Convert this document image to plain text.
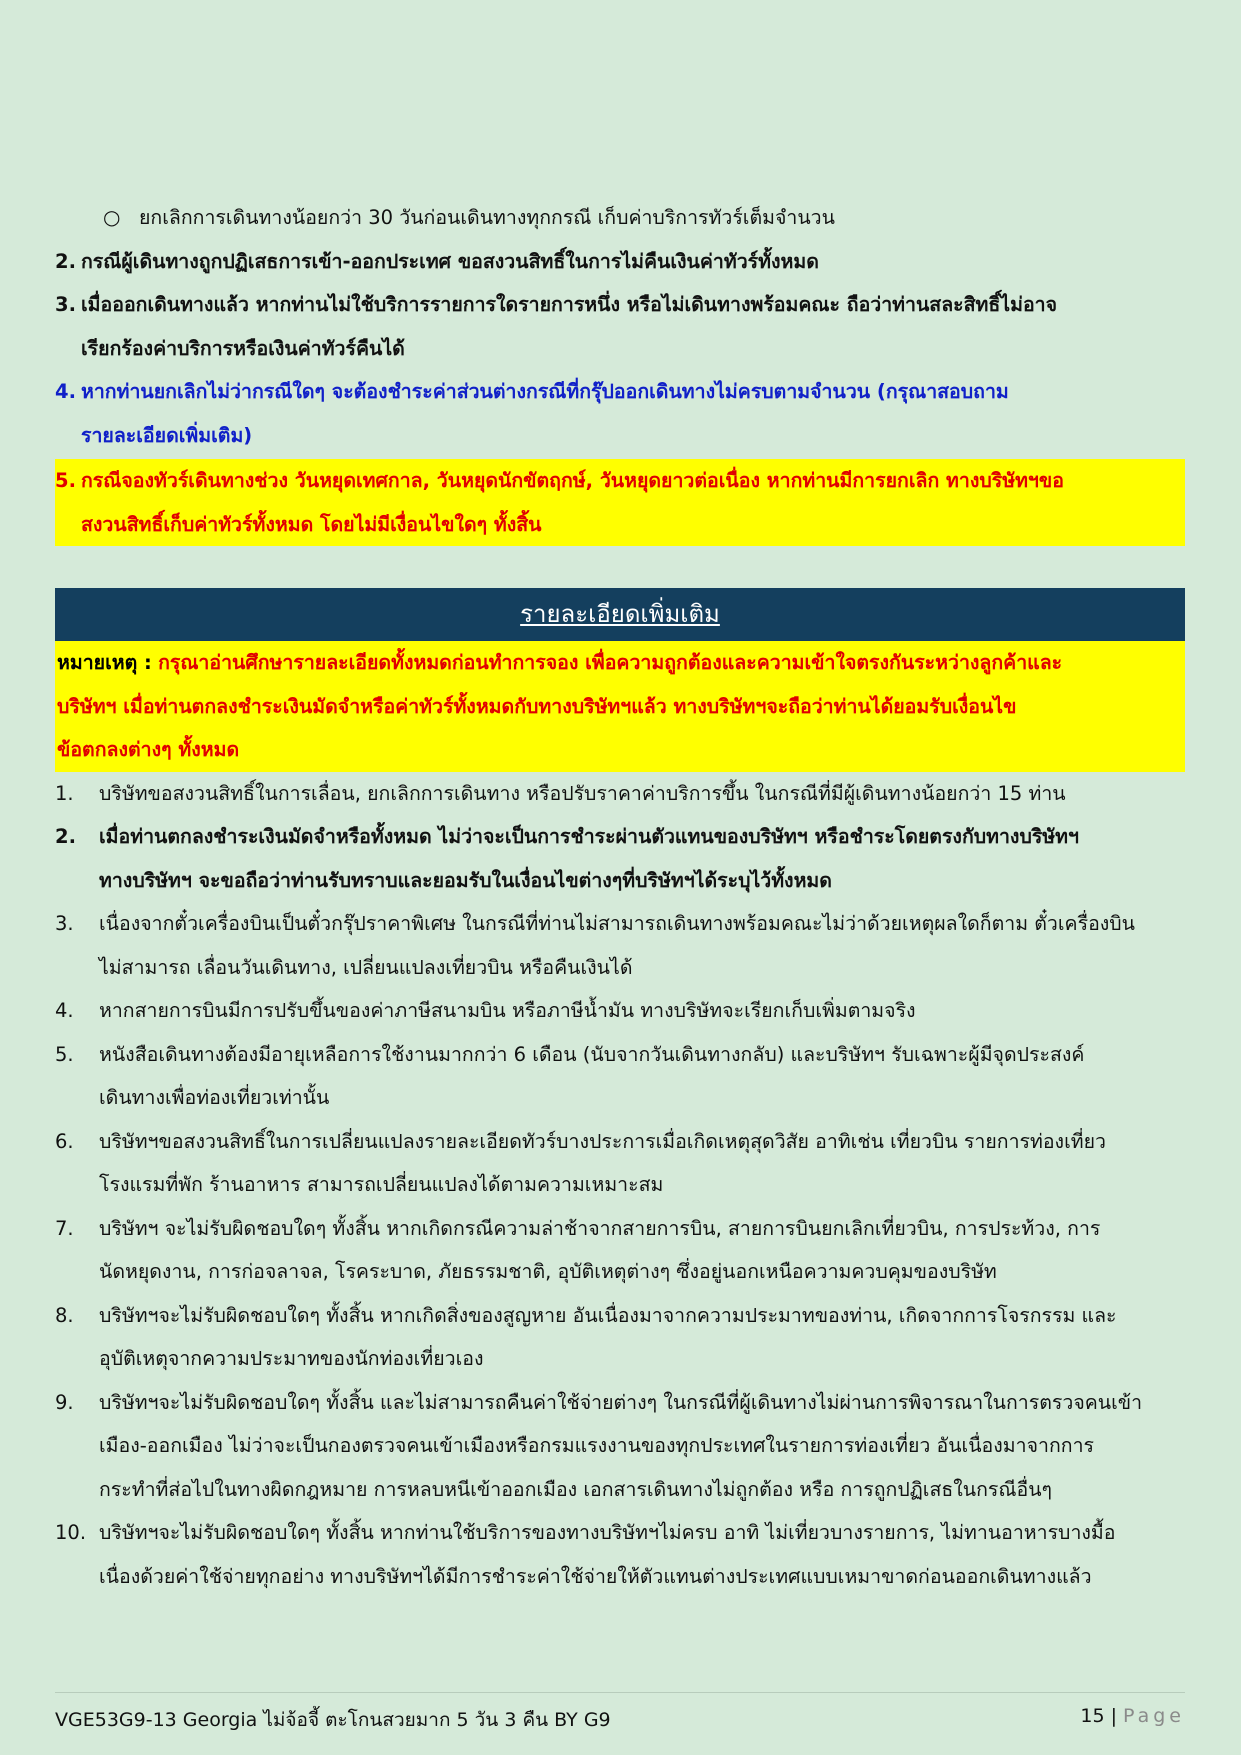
○ ยกเลิกการเดินทางน้อยกว่า 30 วันก่อนเดินทางทุกกรณี เก็บค่าบริการทัวร์เต็มจำนวน
2. กรณีผู้เดินทางถูกปฏิเสธการเข้า-ออกประเทศ ขอสงวนสิทธิ์ในการไม่คืนเงินค่าทัวร์ทั้งหมด
3. เมื่อออกเดินทางแล้ว หากท่านไม่ใช้บริการรายการใดรายการหนึ่ง หรือไม่เดินทางพร้อมคณะ ถือว่าท่านสละสิทธิ์ไม่อาจ
เรียกร้องค่าบริการหรือเงินค่าทัวร์คืนได้
4. หากท่านยกเลิกไม่ว่ากรณีใดๆ จะต้องชำระค่าส่วนต่างกรณีที่กรุ๊ปออกเดินทางไม่ครบตามจำนวน (กรุณาสอบถาม
รายละเอียดเพิ่มเติม)
5. กรณีจองทัวร์เดินทางช่วง วันหยุดเทศกาล, วันหยุดนักขัตฤกษ์, วันหยุดยาวต่อเนื่อง หากท่านมีการยกเลิก ทางบริษัทฯขอ
สงวนสิทธิ์เก็บค่าทัวร์ทั้งหมด โดยไม่มีเงื่อนไขใดๆ ทั้งสิ้น
รายละเอียดเพิ่มเติม
หมายเหตุ : กรุณาอ่านศึกษารายละเอียดทั้งหมดก่อนทำการจอง เพื่อความถูกต้องและความเข้าใจตรงกันระหว่างลูกค้าและ
บริษัทฯ เมื่อท่านตกลงชำระเงินมัดจำหรือค่าทัวร์ทั้งหมดกับทางบริษัทฯแล้ว ทางบริษัทฯจะถือว่าท่านได้ยอมรับเงื่อนไข
ข้อตกลงต่างๆ ทั้งหมด
1.	บริษัทขอสงวนสิทธิ์ในการเลื่อน, ยกเลิกการเดินทาง หรือปรับราคาค่าบริการขึ้น ในกรณีที่มีผู้เดินทางน้อยกว่า 15 ท่าน
2.	เมื่อท่านตกลงชำระเงินมัดจำหรือทั้งหมด ไม่ว่าจะเป็นการชำระผ่านตัวแทนของบริษัทฯ หรือชำระโดยตรงกับทางบริษัทฯ
ทางบริษัทฯ จะขอถือว่าท่านรับทราบและยอมรับในเงื่อนไขต่างๆที่บริษัทฯได้ระบุไว้ทั้งหมด
3.	เนื่องจากตั๋วเครื่องบินเป็นตั๋วกรุ๊ปราคาพิเศษ ในกรณีที่ท่านไม่สามารถเดินทางพร้อมคณะไม่ว่าด้วยเหตุผลใดก็ตาม ตั๋วเครื่องบิน
ไม่สามารถ เลื่อนวันเดินทาง, เปลี่ยนแปลงเที่ยวบิน หรือคืนเงินได้
4.	หากสายการบินมีการปรับขึ้นของค่าภาษีสนามบิน หรือภาษีน้ำมัน ทางบริษัทจะเรียกเก็บเพิ่มตามจริง
5.	หนังสือเดินทางต้องมีอายุเหลือการใช้งานมากกว่า 6 เดือน (นับจากวันเดินทางกลับ) และบริษัทฯ รับเฉพาะผู้มีจุดประสงค์
เดินทางเพื่อท่องเที่ยวเท่านั้น
6.	บริษัทฯขอสงวนสิทธิ์ในการเปลี่ยนแปลงรายละเอียดทัวร์บางประการเมื่อเกิดเหตุสุดวิสัย อาทิเช่น เที่ยวบิน รายการท่องเที่ยว
โรงแรมที่พัก ร้านอาหาร สามารถเปลี่ยนแปลงได้ตามความเหมาะสม
7.	บริษัทฯ จะไม่รับผิดชอบใดๆ ทั้งสิ้น หากเกิดกรณีความล่าช้าจากสายการบิน, สายการบินยกเลิกเที่ยวบิน, การประท้วง, การ
นัดหยุดงาน, การก่อจลาจล, โรคระบาด, ภัยธรรมชาติ, อุบัติเหตุต่างๆ ซึ่งอยู่นอกเหนือความควบคุมของบริษัท
8.	บริษัทฯจะไม่รับผิดชอบใดๆ ทั้งสิ้น หากเกิดสิ่งของสูญหาย อันเนื่องมาจากความประมาทของท่าน, เกิดจากการโจรกรรม และ
อุบัติเหตุจากความประมาทของนักท่องเที่ยวเอง
9.	บริษัทฯจะไม่รับผิดชอบใดๆ ทั้งสิ้น และไม่สามารถคืนค่าใช้จ่ายต่างๆ ในกรณีที่ผู้เดินทางไม่ผ่านการพิจารณาในการตรวจคนเข้า
เมือง-ออกเมือง ไม่ว่าจะเป็นกองตรวจคนเข้าเมืองหรือกรมแรงงานของทุกประเทศในรายการท่องเที่ยว อันเนื่องมาจากการ
กระทำที่ส่อไปในทางผิดกฎหมาย การหลบหนีเข้าออกเมือง เอกสารเดินทางไม่ถูกต้อง หรือ การถูกปฏิเสธในกรณีอื่นๆ
10. บริษัทฯจะไม่รับผิดชอบใดๆ ทั้งสิ้น หากท่านใช้บริการของทางบริษัทฯไม่ครบ อาทิ ไม่เที่ยวบางรายการ, ไม่ทานอาหารบางมื้อ
เนื่องด้วยค่าใช้จ่ายทุกอย่าง ทางบริษัทฯได้มีการชำระค่าใช้จ่ายให้ตัวแทนต่างประเทศแบบเหมาขาดก่อนออกเดินทางแล้ว
VGE53G9-13 Georgia ไม่จ้อจี้ ตะโกนสวยมาก 5 วัน 3 คืน BY G9	15 | Page
